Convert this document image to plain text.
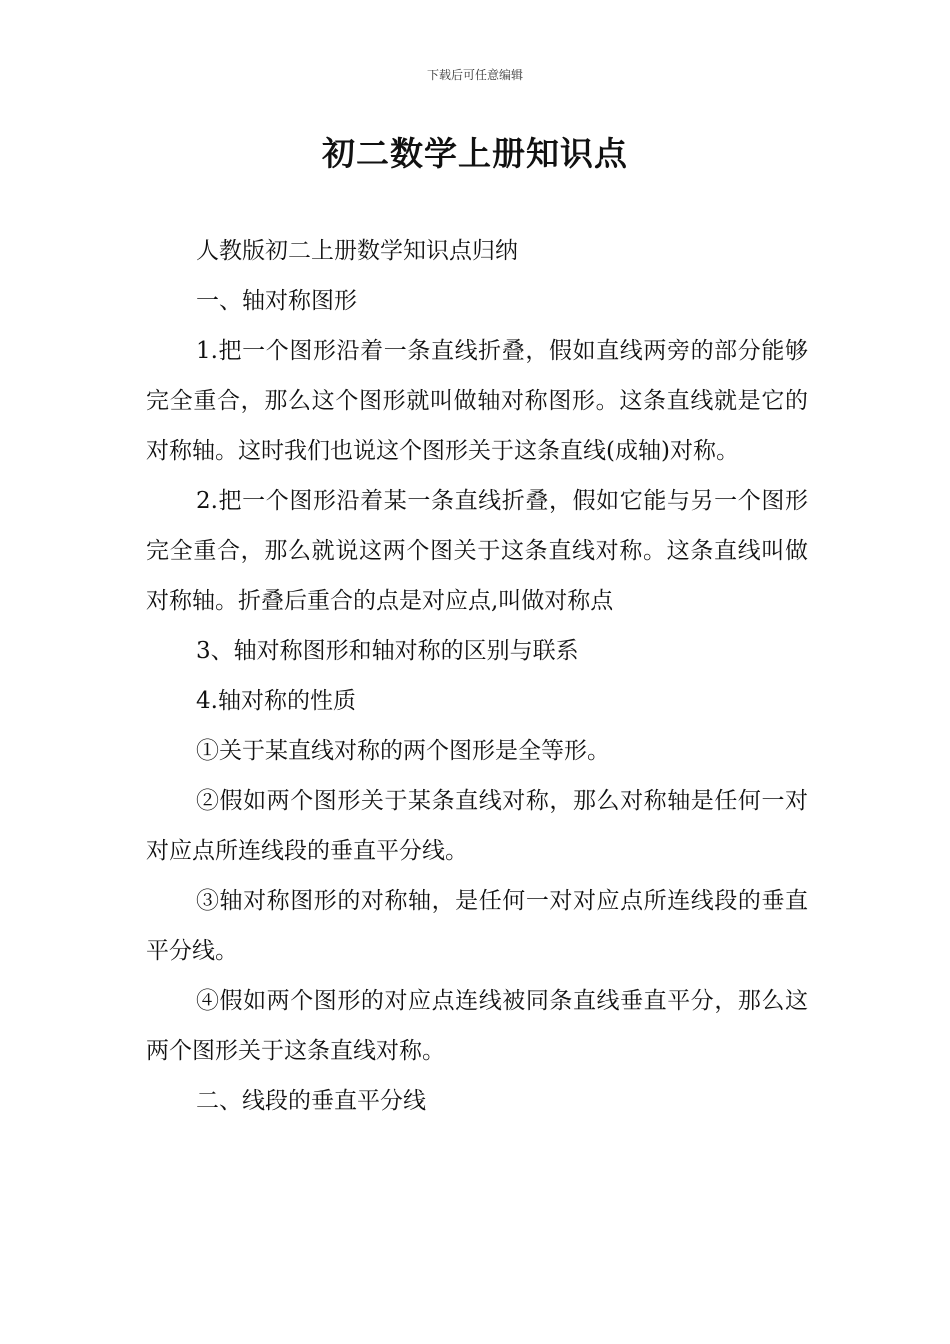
下载后可任意编辑
初二数学上册知识点

人教版初二上册数学知识点归纳

一、轴对称图形

1.把一个图形沿着一条直线折叠，假如直线两旁的部分能够完全重合，那么这个图形就叫做轴对称图形。这条直线就是它的对称轴。这时我们也说这个图形关于这条直线(成轴)对称。

2.把一个图形沿着某一条直线折叠，假如它能与另一个图形完全重合，那么就说这两个图关于这条直线对称。这条直线叫做对称轴。折叠后重合的点是对应点,叫做对称点

3、轴对称图形和轴对称的区别与联系

4.轴对称的性质

①关于某直线对称的两个图形是全等形。

②假如两个图形关于某条直线对称，那么对称轴是任何一对对应点所连线段的垂直平分线。

③轴对称图形的对称轴，是任何一对对应点所连线段的垂直平分线。

④假如两个图形的对应点连线被同条直线垂直平分，那么这两个图形关于这条直线对称。

二、线段的垂直平分线
